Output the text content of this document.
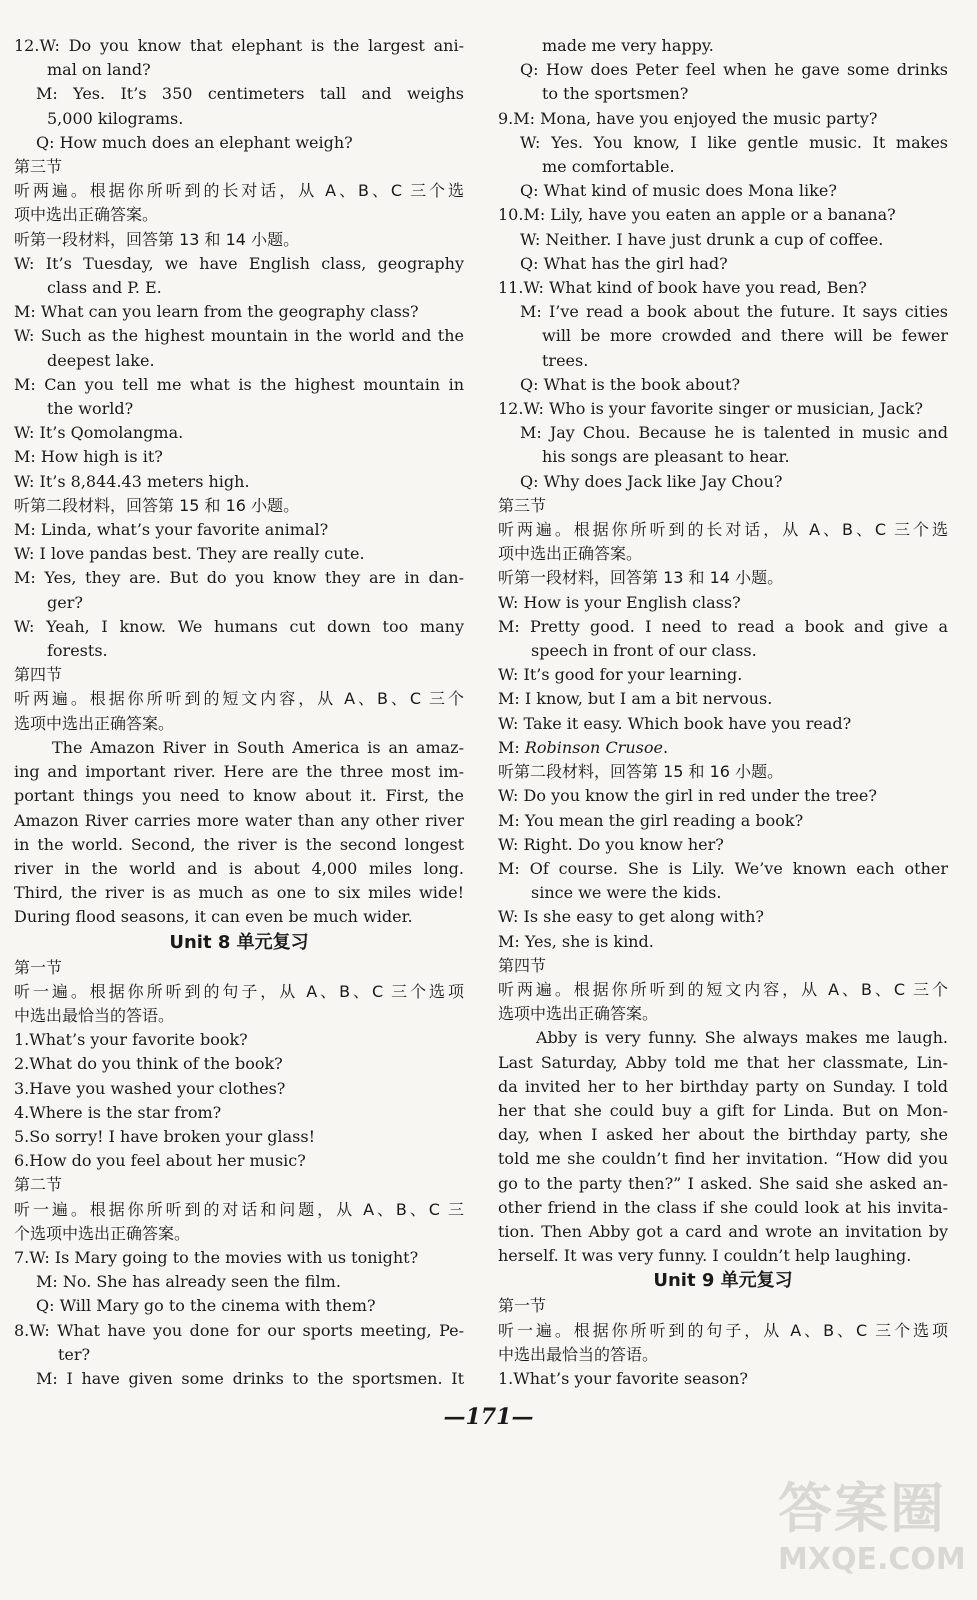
12.W: Do you know that elephant is the largest ani-
mal on land?
M: Yes. It’s 350 centimeters tall and weighs
5,000 kilograms.
Q: How much does an elephant weigh?
第三节
听两遍。根据你所听到的长对话，从 A、B、C 三个选
项中选出正确答案。
听第一段材料，回答第 13 和 14 小题。
W: It’s Tuesday, we have English class, geography
class and P. E.
M: What can you learn from the geography class?
W: Such as the highest mountain in the world and the
deepest lake.
M: Can you tell me what is the highest mountain in
the world?
W: It’s Qomolangma.
M: How high is it?
W: It’s 8,844.43 meters high.
听第二段材料，回答第 15 和 16 小题。
M: Linda, what’s your favorite animal?
W: I love pandas best. They are really cute.
M: Yes, they are. But do you know they are in dan-
ger?
W: Yeah, I know. We humans cut down too many
forests.
第四节
听两遍。根据你所听到的短文内容，从 A、B、C 三个
选项中选出正确答案。
The Amazon River in South America is an amaz-
ing and important river. Here are the three most im-
portant things you need to know about it. First, the
Amazon River carries more water than any other river
in the world. Second, the river is the second longest
river in the world and is about 4,000 miles long.
Third, the river is as much as one to six miles wide!
During flood seasons, it can even be much wider.
Unit 8 单元复习
第一节
听一遍。根据你所听到的句子，从 A、B、C 三个选项
中选出最恰当的答语。
1.What’s your favorite book?
2.What do you think of the book?
3.Have you washed your clothes?
4.Where is the star from?
5.So sorry! I have broken your glass!
6.How do you feel about her music?
第二节
听一遍。根据你所听到的对话和问题，从 A、B、C 三
个选项中选出正确答案。
7.W: Is Mary going to the movies with us tonight?
M: No. She has already seen the film.
Q: Will Mary go to the cinema with them?
8.W: What have you done for our sports meeting, Pe-
ter?
M: I have given some drinks to the sportsmen. It
made me very happy.
Q: How does Peter feel when he gave some drinks
to the sportsmen?
9.M: Mona, have you enjoyed the music party?
W: Yes. You know, I like gentle music. It makes
me comfortable.
Q: What kind of music does Mona like?
10.M: Lily, have you eaten an apple or a banana?
W: Neither. I have just drunk a cup of coffee.
Q: What has the girl had?
11.W: What kind of book have you read, Ben?
M: I’ve read a book about the future. It says cities
will be more crowded and there will be fewer
trees.
Q: What is the book about?
12.W: Who is your favorite singer or musician, Jack?
M: Jay Chou. Because he is talented in music and
his songs are pleasant to hear.
Q: Why does Jack like Jay Chou?
第三节
听两遍。根据你所听到的长对话，从 A、B、C 三个选
项中选出正确答案。
听第一段材料，回答第 13 和 14 小题。
W: How is your English class?
M: Pretty good. I need to read a book and give a
speech in front of our class.
W: It’s good for your learning.
M: I know, but I am a bit nervous.
W: Take it easy. Which book have you read?
M: Robinson Crusoe.
听第二段材料，回答第 15 和 16 小题。
W: Do you know the girl in red under the tree?
M: You mean the girl reading a book?
W: Right. Do you know her?
M: Of course. She is Lily. We’ve known each other
since we were the kids.
W: Is she easy to get along with?
M: Yes, she is kind.
第四节
听两遍。根据你所听到的短文内容，从 A、B、C 三个
选项中选出正确答案。
Abby is very funny. She always makes me laugh.
Last Saturday, Abby told me that her classmate, Lin-
da invited her to her birthday party on Sunday. I told
her that she could buy a gift for Linda. But on Mon-
day, when I asked her about the birthday party, she
told me she couldn’t find her invitation. “How did you
go to the party then?” I asked. She said she asked an-
other friend in the class if she could look at his invita-
tion. Then Abby got a card and wrote an invitation by
herself. It was very funny. I couldn’t help laughing.
Unit 9 单元复习
第一节
听一遍。根据你所听到的句子，从 A、B、C 三个选项
中选出最恰当的答语。
1.What’s your favorite season?
—171—
答案圈
MXQE.COM
